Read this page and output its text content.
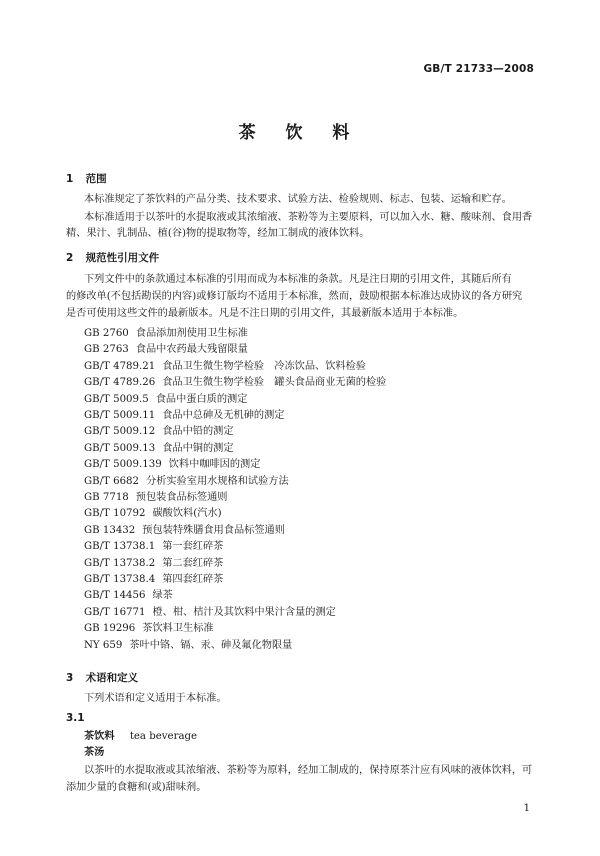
GB/T 21733—2008
茶 饮 料
1 范围
本标准规定了茶饮料的产品分类、技术要求、试验方法、检验规则、标志、包装、运输和贮存。
本标准适用于以茶叶的水提取液或其浓缩液、茶粉等为主要原料，可以加入水、糖、酸味剂、食用香
精、果汁、乳制品、植(谷)物的提取物等，经加工制成的液体饮料。
2 规范性引用文件
下列文件中的条款通过本标准的引用而成为本标准的条款。凡是注日期的引用文件，其随后所有
的修改单(不包括勘误的内容)或修订版均不适用于本标准，然而，鼓励根据本标准达成协议的各方研究
是否可使用这些文件的最新版本。凡是不注日期的引用文件，其最新版本适用于本标准。
GB 2760 食品添加剂使用卫生标准
GB 2763 食品中农药最大残留限量
GB/T 4789.21 食品卫生微生物学检验　冷冻饮品、饮料检验
GB/T 4789.26 食品卫生微生物学检验　罐头食品商业无菌的检验
GB/T 5009.5 食品中蛋白质的测定
GB/T 5009.11 食品中总砷及无机砷的测定
GB/T 5009.12 食品中铅的测定
GB/T 5009.13 食品中铜的测定
GB/T 5009.139 饮料中咖啡因的测定
GB/T 6682 分析实验室用水规格和试验方法
GB 7718 预包装食品标签通则
GB/T 10792 碳酸饮料(汽水)
GB 13432 预包装特殊膳食用食品标签通则
GB/T 13738.1 第一套红碎茶
GB/T 13738.2 第二套红碎茶
GB/T 13738.4 第四套红碎茶
GB/T 14456 绿茶
GB/T 16771 橙、柑、桔汁及其饮料中果汁含量的测定
GB 19296 茶饮料卫生标准
NY 659 茶叶中铬、镉、汞、砷及氟化物限量
3 术语和定义
下列术语和定义适用于本标准。
3.1
茶饮料 tea beverage
茶汤
以茶叶的水提取液或其浓缩液、茶粉等为原料，经加工制成的，保持原茶汁应有风味的液体饮料，可
添加少量的食糖和(或)甜味剂。
1
